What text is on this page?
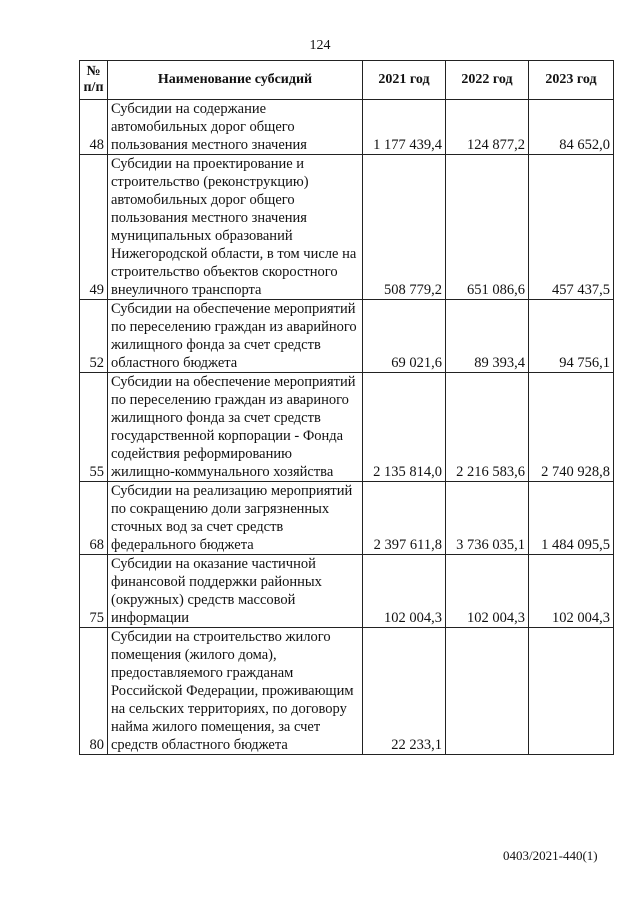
124
№ п/п	Наименование субсидий	2021 год	2022 год	2023 год
48	Субсидии на содержание автомобильных дорог общего пользования местного значения	1 177 439,4	124 877,2	84 652,0
49	Субсидии на проектирование и строительство (реконструкцию) автомобильных дорог общего пользования местного значения муниципальных образований Нижегородской области, в том числе на строительство объектов скоростного внеуличного транспорта	508 779,2	651 086,6	457 437,5
52	Субсидии на обеспечение мероприятий по переселению граждан из аварийного жилищного фонда за счет средств областного бюджета	69 021,6	89 393,4	94 756,1
55	Субсидии на обеспечение мероприятий по переселению граждан из авариного жилищного фонда за счет средств государственной корпорации - Фонда содействия реформированию жилищно-коммунального хозяйства	2 135 814,0	2 216 583,6	2 740 928,8
68	Субсидии на реализацию мероприятий по сокращению доли загрязненных сточных вод за счет средств федерального бюджета	2 397 611,8	3 736 035,1	1 484 095,5
75	Субсидии на оказание частичной финансовой поддержки районных (окружных) средств массовой информации	102 004,3	102 004,3	102 004,3
80	Субсидии на строительство жилого помещения (жилого дома), предоставляемого гражданам Российской Федерации, проживающим на сельских территориях, по договору найма жилого помещения, за счет средств областного бюджета	22 233,1		
0403/2021-440(1)
